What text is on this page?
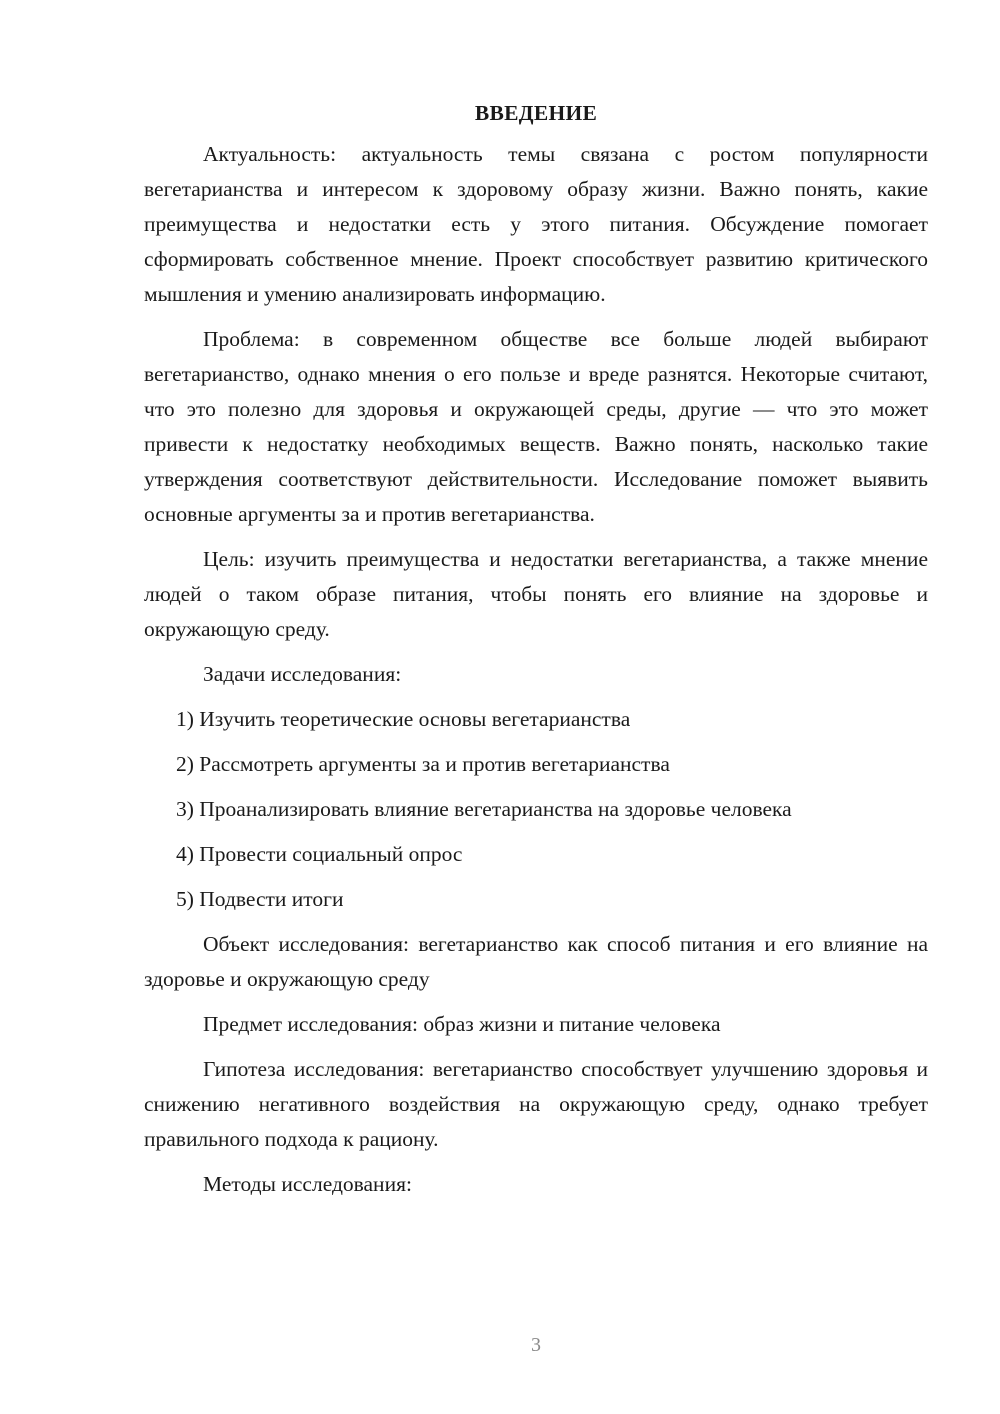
ВВЕДЕНИЕ

Актуальность: актуальность темы связана с ростом популярности вегетарианства и интересом к здоровому образу жизни. Важно понять, какие преимущества и недостатки есть у этого питания. Обсуждение помогает сформировать собственное мнение. Проект способствует развитию критического мышления и умению анализировать информацию.

Проблема: в современном обществе все больше людей выбирают вегетарианство, однако мнения о его пользе и вреде разнятся. Некоторые считают, что это полезно для здоровья и окружающей среды, другие — что это может привести к недостатку необходимых веществ. Важно понять, насколько такие утверждения соответствуют действительности. Исследование поможет выявить основные аргументы за и против вегетарианства.

Цель: изучить преимущества и недостатки вегетарианства, а также мнение людей о таком образе питания, чтобы понять его влияние на здоровье и окружающую среду.

Задачи исследования:

1) Изучить теоретические основы вегетарианства
2) Рассмотреть аргументы за и против вегетарианства
3) Проанализировать влияние вегетарианства на здоровье человека
4) Провести социальный опрос
5) Подвести итоги

Объект исследования: вегетарианство как способ питания и его влияние на здоровье и окружающую среду

Предмет исследования: образ жизни и питание человека

Гипотеза исследования: вегетарианство способствует улучшению здоровья и снижению негативного воздействия на окружающую среду, однако требует правильного подхода к рациону.

Методы исследования:

3
